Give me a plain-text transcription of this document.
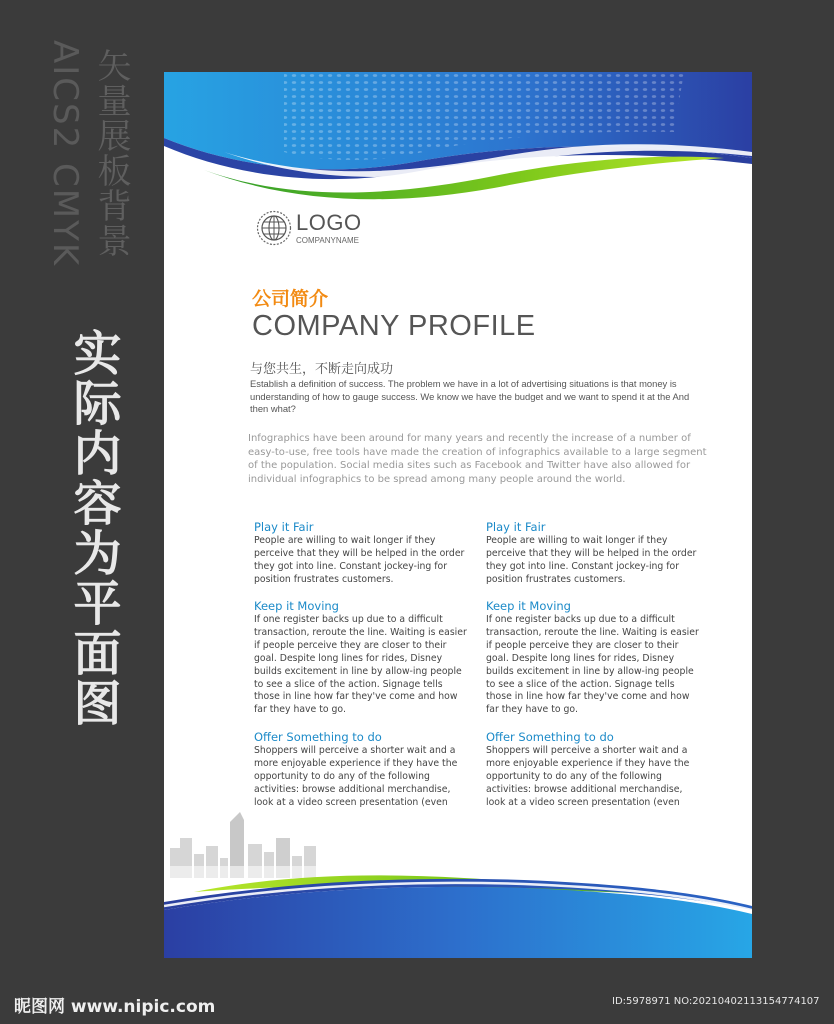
AICS2 CMYK 矢量展板背景
实际内容为平面图
LOGO
COMPANYNAME
公司简介
COMPANY PROFILE
与您共生，不断走向成功
Establish a definition of success. The problem we have in a lot of advertising situations is that money is understanding of how to gauge success. We know we have the budget and we want to spend it at the And then what?
Infographics have been around for many years and recently the increase of a number of easy-to-use, free tools have made the creation of infographics available to a large segment of the population. Social media sites such as Facebook and Twitter have also allowed for individual infographics to be spread among many people around the world.
Play it Fair

People are willing to wait longer if they perceive that they will be helped in the order they got into line. Constant jockey-ing for position frustrates customers.

Keep it Moving

If one register backs up due to a difficult transaction, reroute the line. Waiting is easier if people perceive they are closer to their goal. Despite long lines for rides, Disney builds excitement in line by allow-ing people to see a slice of the action. Signage tells those in line how far they've come and how far they have to go.

Offer Something to do

Shoppers will perceive a shorter wait and a more enjoyable experience if they have the opportunity to do any of the following activities: browse additional merchandise, look at a video screen presentation (even

Play it Fair

People are willing to wait longer if they perceive that they will be helped in the order they got into line. Constant jockey-ing for position frustrates customers.

Keep it Moving

If one register backs up due to a difficult transaction, reroute the line. Waiting is easier if people perceive they are closer to their goal. Despite long lines for rides, Disney builds excitement in line by allow-ing people to see a slice of the action. Signage tells those in line how far they've come and how far they have to go.

Offer Something to do

Shoppers will perceive a shorter wait and a more enjoyable experience if they have the opportunity to do any of the following activities: browse additional merchandise, look at a video screen presentation (even

昵图网 www.nipic.com	ID:5978971 NO:20210402113154774107
